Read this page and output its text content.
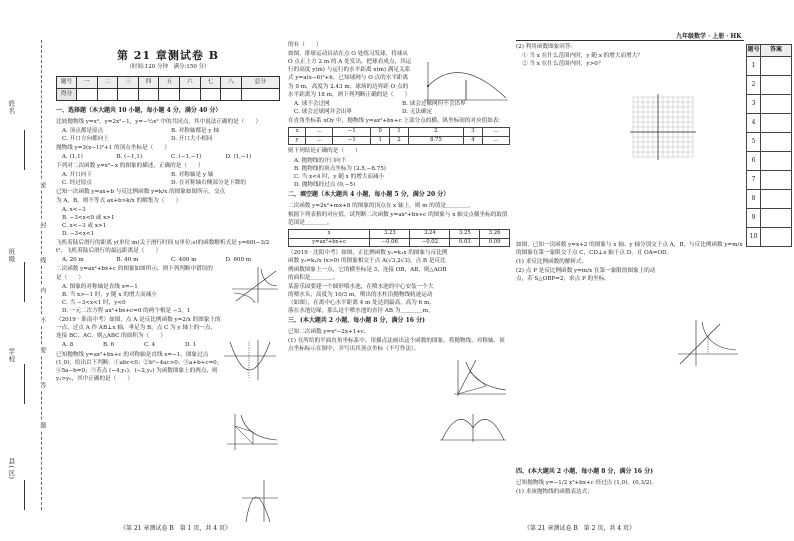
姓名
班级
学校
县(区)
密
封
线
内
不
要
答
题
九年级数学 · 上册 · HK
第 21 章测试卷 B
（时间:120 分钟　满分:150 分）
题号	一	二	三	四	五	六	七	八	总分
得分									
一、选择题（本大题共 10 小题，每小题 4 分，满分 40 分）
比较抛物线 y=x²，y=2x²−1，y=−½x² 中的共同点，其中说法正确的是（　　）
A. 顶点都是原点	B. 对称轴都是 y 轴
C. 开口方向都向上	D. 开口大小相同
抛物线 y=3(x−1)²+1 的顶点坐标是（　　）
A. (1,1)	B. (−1,1)	C. (−1,−1)	D. (1,−1)
下列对二次函数 y=x²−x 的图象的描述，正确的是（　　）
A. 开口向下	B. 对称轴是 y 轴
C. 经过原点	D. 在对称轴右侧部分是下降的
已知一次函数 y=ax+b 与反比例函数 y=k/x 的图象如图所示，交点为 A，B，则不等式 ax+b>k/x 的解集为（　　）
A. x<−3
B. −3<x<0 或 x>1
C. x<−3 或 x>1
D. −3<x<1
飞机着陆后滑行的距离 y(单位:m)关于滑行时间 t(单位:s)的函数解析式是 y=60t−3/2 t²，飞机着陆后滑行的最远距离是（　　）
A. 20 m	B. 40 m	C. 400 m	D. 600 m
二次函数 y=ax²+bx+c 的图象如图所示，则下列判断中错误的是（　　）
A. 图象的对称轴是直线 x=−1
B. 当 x>−1 时，y 随 x 的增大而减小
C. 当 −3<x<1 时，y<0
D. 一元二次方程 ax²+bx+c=0 的两个根是 −3，1
（2019 · 淮南中考）如图，点 A 是反比例函数 y=2/x 的图象上的一点，过点 A 作 AB⊥x 轴，垂足为 B，点 C 为 y 轴上的一点，连接 BC，AC，则△ABC 的面积为（　　）
A. 8	B. 6	C. 4	D. 1
已知抛物线 y=ax²+bx+c 的对称轴是直线 x=−1，图象过点 (1,0)，给出以下判断：①abc<0；②b²−4ac>0；③a+b+c=0；④5a−b=0；⑤若点 (−4,y₁)，(−2,y₂) 为函数图象上的两点，则 y₁>y₂，其中正确的是（　　）
的有（　　）
如图，排球运动员站在点 O 处练习发球，将球从 O 点正上方 2 m 的 A 处发出，把球看成点，其运行的高度 y(m) 与运行的水平距离 x(m) 满足关系式 y=a(x−6)²+h。已知球网与 O 点的水平距离为 9 m，高度为 2.43 m，球场的边界距 O 点的水平距离为 18 m，则下列判断正确的是（　　）
A. 球不会过网	B. 球会过球网但不会出界
C. 球会过球网并会出界	D. 无法确定
在直角坐标系 xOy 中，抛物线 y=ax²+bx+c 上部分点的横、纵坐标间的对应值如表：
x	…	−1	0	1	2	3	…
y	…	−1	1	2	8.75	4	…
则下列结论正确的是（　　）
A. 抛物线的开口向下
B. 抛物线的顶点坐标为 (2.5,−8.75)
C. 当 x<4 时，y 随 x 的增大而减小
D. 抛物线经过点 (0,−5)
二、填空题（本大题共 4 小题，每小题 5 分，满分 20 分）
二次函数 y=2x²+mx+8 的图象的顶点在 x 轴上，则 m 的值是＿＿＿＿。
根据下列表格的对应值，试判断二次函数 y=ax²+bx+c 的图象与 x 轴交点横坐标的取值范围是＿＿＿＿。
x	3.23	3.24	3.25	3.26
y=ax²+bx+c	−0.06	−0.02	0.03	0.09
（2019 · 沈阳中考）如图，正比例函数 y₁=k₁x 的图象与反比例函数 y₂=k₂/x (x>0) 的图象相交于点 A(√3,2√3)，点 B 是反比例函数图象上一点，它的横坐标是 3，连接 OB，AB，则△AOB 的面积是＿＿＿＿。
某游乐园要建一个圆形喷水池，在喷水池的中心安装一个大的喷水头，高度为 10/3 m，喷出的水柱沿抛物线轨迹运动（如图），在离中心水平距离 4 m 处达到最高，高为 6 m，落在水池边缘，那么这个喷水池的直径 AB 为＿＿＿＿m。
三、(本大题共 2 小题，每小题 8 分，满分 16 分)
已知二次函数 y=x²−2x+1+c。
(1) 在所给的平面直角坐标系中，用描点法画出这个函数的图象，将抛物线、对称轴、顶点坐标标示在图中，并写出其顶点坐标（不写作法）。
(2) 利用函数图象回答：
① 当 x 在什么范围内时，y 随 x 的增大而增大？
② 当 x 在什么范围内时，y>0？
如图，已知一次函数 y=x+2 的图象与 x 轴、y 轴分别交于点 A，B，与反比例函数 y=m/x 的图象在第一象限交于点 C，CD⊥x 轴于点 D，且 OA=OD。
(1) 求反比例函数的解析式；
(2) 点 P 是反比例函数 y=m/x 在第一象限的图象上的动点，若 S△OBP=2，求点 P 的坐标。
四、(本大题共 2 小题，每小题 8 分，满分 16 分)
已知抛物线 y=−1/2 x²+bx+c 经过点 (1,0)，(0,3/2)。
(1) 求该抛物线的函数表达式；
题号	答案
1	
2	
3	
4	
5	
6	
7	
8	
9	
10	
《第 21 章测试卷 B　第 1 页，共 4 页》	《第 21 章测试卷 B　第 2 页，共 4 页》
